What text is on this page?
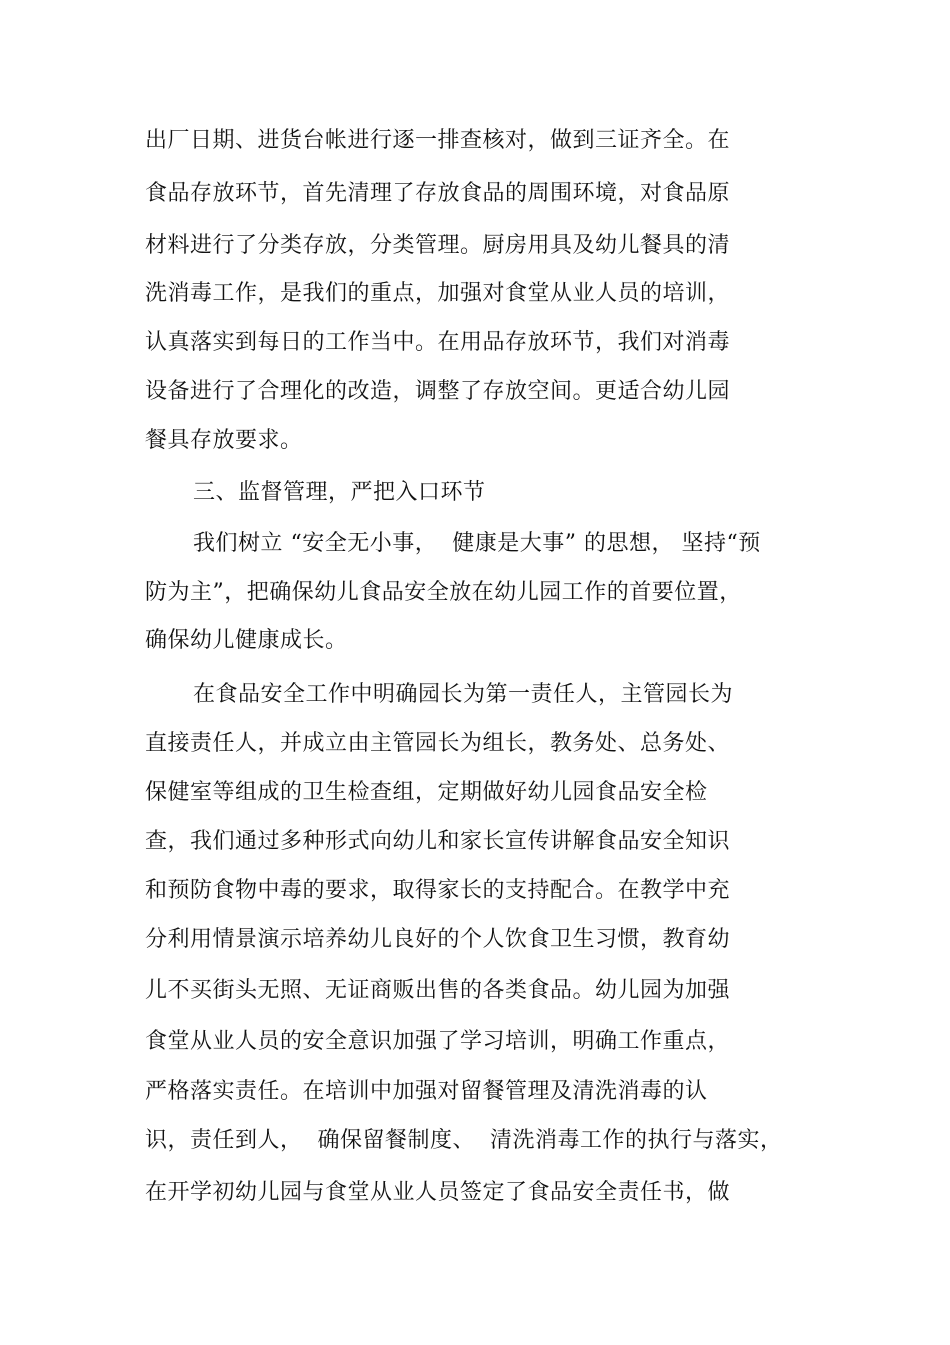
出厂日期、进货台帐进行逐一排查核对，做到三证齐全。在
食品存放环节，首先清理了存放食品的周围环境，对食品原
材料进行了分类存放，分类管理。厨房用具及幼儿餐具的清
洗消毒工作，是我们的重点，加强对食堂从业人员的培训，
认真落实到每日的工作当中。在用品存放环节，我们对消毒
设备进行了合理化的改造，调整了存放空间。更适合幼儿园
餐具存放要求。
三、监督管理，严把入口环节
我们树立 “安全无小事，  健康是大事” 的思想， 坚持“预
防为主”，把确保幼儿食品安全放在幼儿园工作的首要位置，
确保幼儿健康成长。
在食品安全工作中明确园长为第一责任人，主管园长为
直接责任人，并成立由主管园长为组长，教务处、总务处、
保健室等组成的卫生检查组，定期做好幼儿园食品安全检
查，我们通过多种形式向幼儿和家长宣传讲解食品安全知识
和预防食物中毒的要求，取得家长的支持配合。在教学中充
分利用情景演示培养幼儿良好的个人饮食卫生习惯，教育幼
儿不买街头无照、无证商贩出售的各类食品。幼儿园为加强
食堂从业人员的安全意识加强了学习培训，明确工作重点，
严格落实责任。在培训中加强对留餐管理及清洗消毒的认
识，责任到人，  确保留餐制度、  清洗消毒工作的执行与落实，
在开学初幼儿园与食堂从业人员签定了食品安全责任书，做
